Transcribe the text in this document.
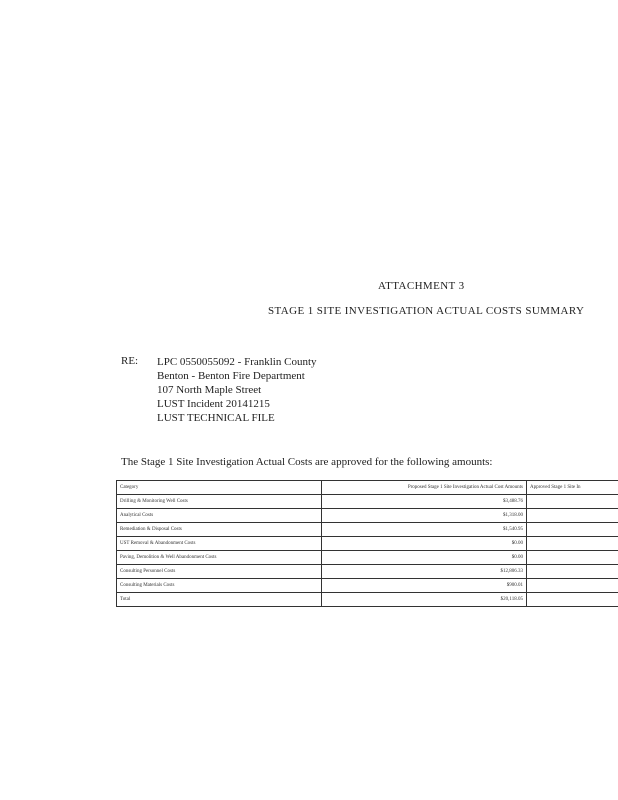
ATTACHMENT 3
STAGE 1 SITE INVESTIGATION ACTUAL COSTS SUMMARY
RE: LPC 0550055092 - Franklin County
Benton - Benton Fire Department
107 North Maple Street
LUST Incident 20141215
LUST TECHNICAL FILE
The Stage 1 Site Investigation Actual Costs are approved for the following amounts:
Category	Proposed Stage 1 Site Investigation Actual Cost Amounts	Approved Stage 1 Site In
Drilling & Monitoring Well Costs	$3,488.76	
Analytical Costs	$1,318.00	
Remediation & Disposal Costs	$1,540.95	
UST Removal & Abandonment Costs	$0.00	
Paving, Demolition & Well Abandonment Costs	$0.00	
Consulting Personnel Costs	$12,806.33	
Consulting Materials Costs	$900.01	
Total	$20,118.05	
